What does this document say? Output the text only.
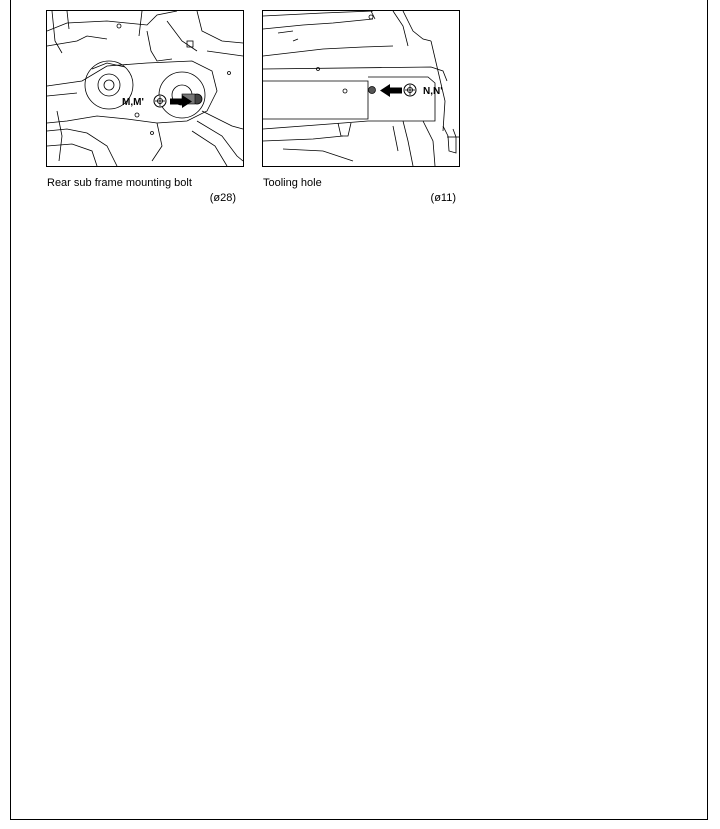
M,M'
N,N'
Rear sub frame mounting bolt
(ø28)
Tooling hole
(ø11)
